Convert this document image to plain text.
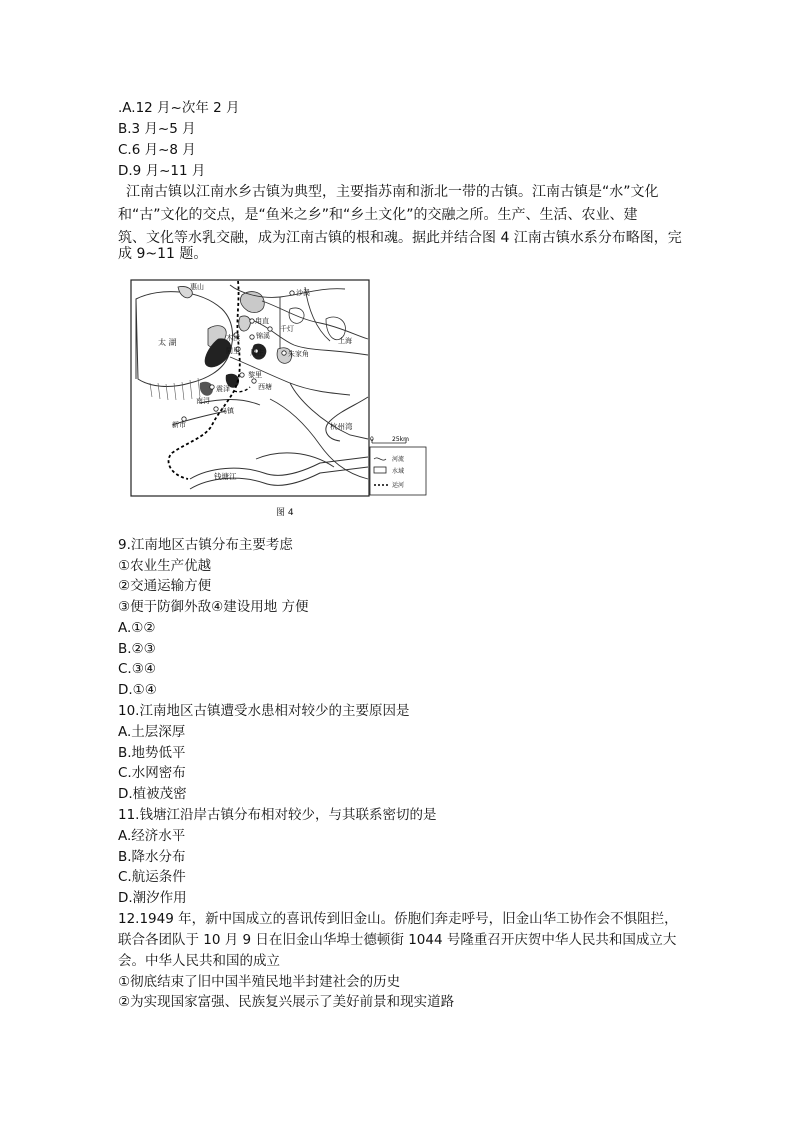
.A.12 月~次年 2 月
B.3 月~5 月
C.6 月~8 月
D.9 月~11 月
江南古镇以江南水乡古镇为典型，主要指苏南和浙北一带的古镇。江南古镇是“水”文化
和“古”文化的交点，是“鱼米之乡”和“乡土文化”的交融之所。生产、生活、农业、建
筑、文化等水乳交融，成为江南古镇的根和魂。据此并结合图 4 江南古镇水系分布略图，完
成 9~11 题。
惠山
太 湖
沙溪
甪直
千灯
木渎 锦溪
同里 周庄	朱家角
上海
黎里
西塘
震泽
南浔
乌镇
新市	杭州湾
钱塘江
0	25km
河流
水域
运河
图 4
9.江南地区古镇分布主要考虑
①农业生产优越
②交通运输方便
③便于防御外敌④建设用地 方便
A.①②
B.②③
C.③④
D.①④
10.江南地区古镇遭受水患相对较少的主要原因是
A.土层深厚
B.地势低平
C.水网密布
D.植被茂密
11.钱塘江沿岸古镇分布相对较少，与其联系密切的是
A.经济水平
B.降水分布
C.航运条件
D.潮汐作用
12.1949 年，新中国成立的喜讯传到旧金山。侨胞们奔走呼号，旧金山华工协作会不惧阻拦，
联合各团队于 10 月 9 日在旧金山华埠士德顿街 1044 号隆重召开庆贺中华人民共和国成立大
会。中华人民共和国的成立
①彻底结束了旧中国半殖民地半封建社会的历史
②为实现国家富强、民族复兴展示了美好前景和现实道路
